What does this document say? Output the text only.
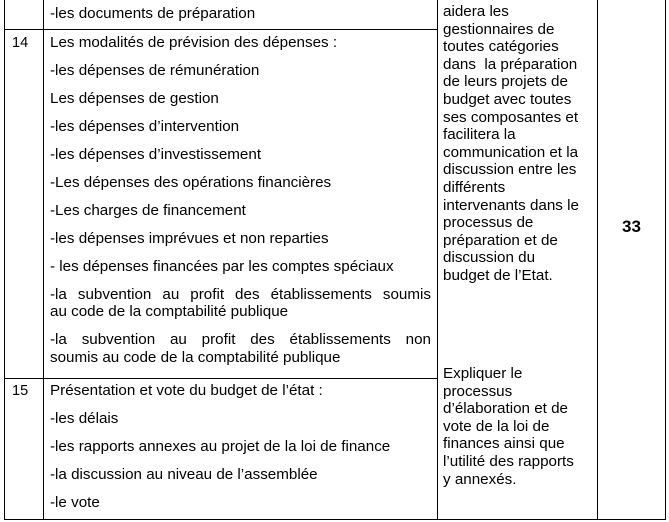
-les documents de préparation
14 Les modalités de prévision des dépenses :
-les dépenses de rémunération
Les dépenses de gestion
-les dépenses d’intervention
-les dépenses d’investissement
-Les dépenses des opérations financières
-Les charges de financement
-les dépenses imprévues et non reparties
- les dépenses financées par les comptes spéciaux
-la subvention au profit des établissements soumis
au code de la comptabilité publique
-la subvention au profit des établissements non
soumis au code de la comptabilité publique
15 Présentation et vote du budget de l’état :
-les délais
-les rapports annexes au projet de la loi de finance
-la discussion au niveau de l’assemblée
-le vote
aidera les
gestionnaires de
toutes catégories
dans  la préparation
de leurs projets de
budget avec toutes
ses composantes et
facilitera la
communication et la
discussion entre les
différents
intervenants dans le
processus de
préparation et de
discussion du
budget de l’Etat.
Expliquer le
processus
d’élaboration et de
vote de la loi de
finances ainsi que
l’utilité des rapports
y annexés.
33
